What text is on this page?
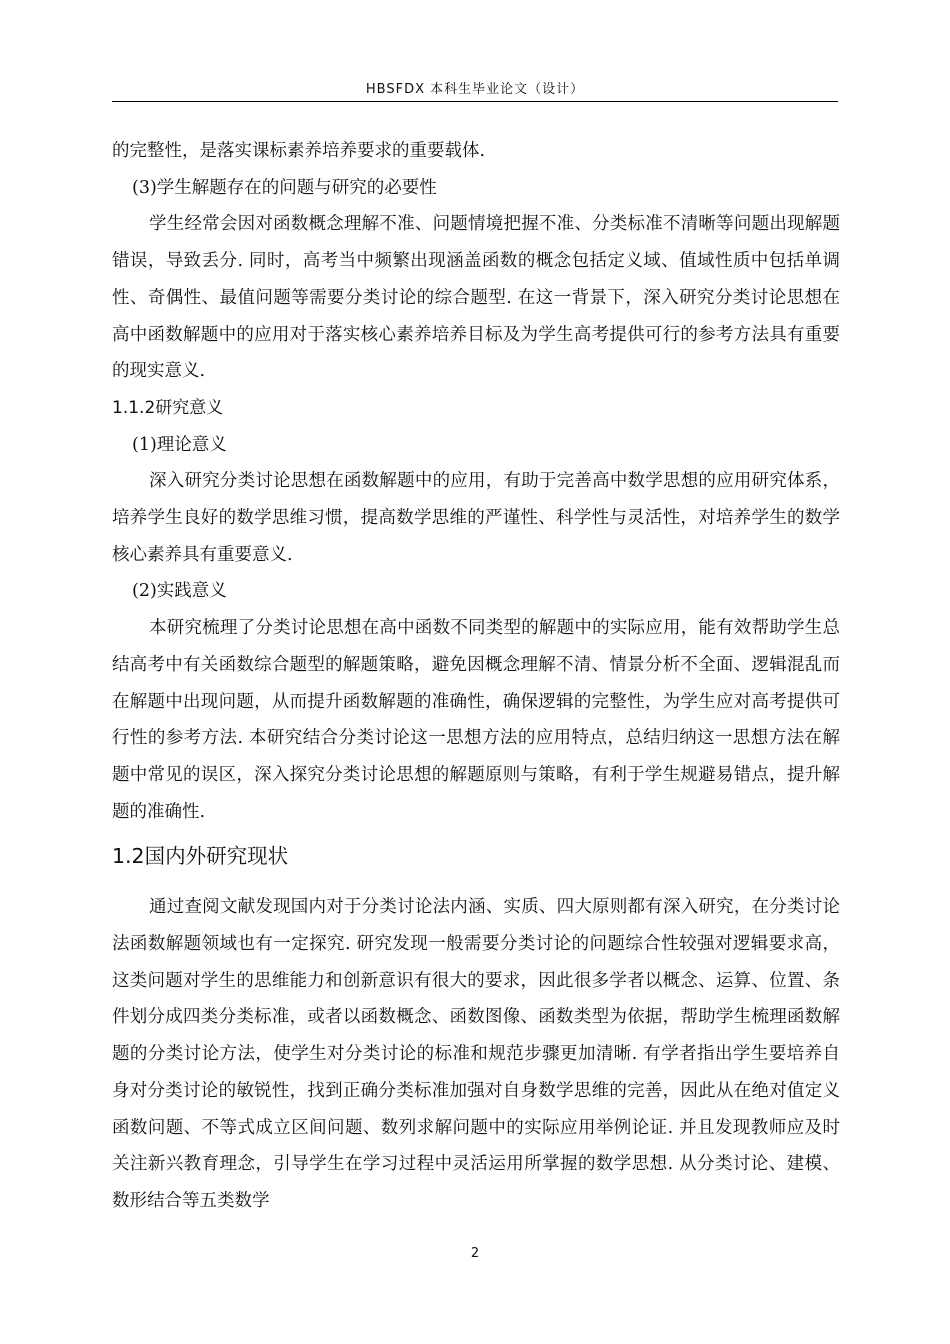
HBSFDX 本科生毕业论文（设计）

的完整性，是落实课标素养培养要求的重要载体.

(3)学生解题存在的问题与研究的必要性

学生经常会因对函数概念理解不准、问题情境把握不准、分类标准不清晰等问题出现解题错误，导致丢分. 同时，高考当中频繁出现涵盖函数的概念包括定义域、值域性质中包括单调性、奇偶性、最值问题等需要分类讨论的综合题型. 在这一背景下，深入研究分类讨论思想在高中函数解题中的应用对于落实核心素养培养目标及为学生高考提供可行的参考方法具有重要的现实意义.

1.1.2研究意义

(1)理论意义

深入研究分类讨论思想在函数解题中的应用，有助于完善高中数学思想的应用研究体系，培养学生良好的数学思维习惯，提高数学思维的严谨性、科学性与灵活性，对培养学生的数学核心素养具有重要意义.

(2)实践意义

本研究梳理了分类讨论思想在高中函数不同类型的解题中的实际应用，能有效帮助学生总结高考中有关函数综合题型的解题策略，避免因概念理解不清、情景分析不全面、逻辑混乱而在解题中出现问题，从而提升函数解题的准确性，确保逻辑的完整性，为学生应对高考提供可行性的参考方法. 本研究结合分类讨论这一思想方法的应用特点，总结归纳这一思想方法在解题中常见的误区，深入探究分类讨论思想的解题原则与策略，有利于学生规避易错点，提升解题的准确性.

1.2国内外研究现状

通过查阅文献发现国内对于分类讨论法内涵、实质、四大原则都有深入研究，在分类讨论法函数解题领域也有一定探究. 研究发现一般需要分类讨论的问题综合性较强对逻辑要求高，这类问题对学生的思维能力和创新意识有很大的要求，因此很多学者以概念、运算、位置、条件划分成四类分类标准，或者以函数概念、函数图像、函数类型为依据，帮助学生梳理函数解题的分类讨论方法，使学生对分类讨论的标准和规范步骤更加清晰. 有学者指出学生要培养自身对分类讨论的敏锐性，找到正确分类标准加强对自身数学思维的完善，因此从在绝对值定义函数问题、不等式成立区间问题、数列求解问题中的实际应用举例论证. 并且发现教师应及时关注新兴教育理念，引导学生在学习过程中灵活运用所掌握的数学思想. 从分类讨论、建模、数形结合等五类数学

2
